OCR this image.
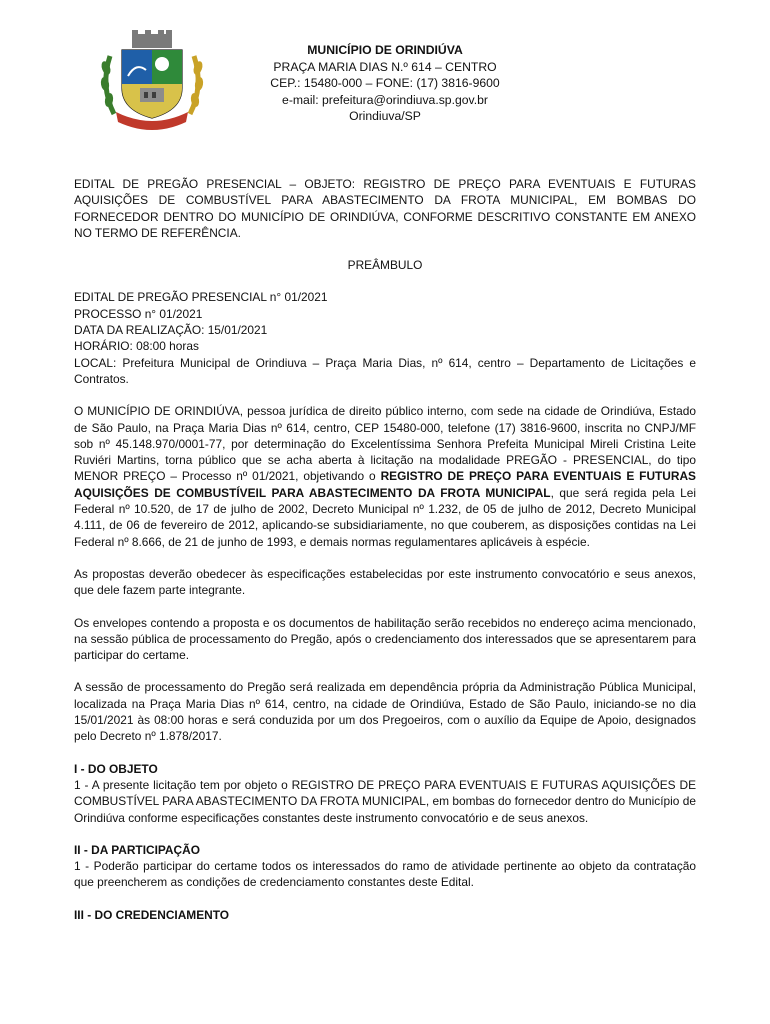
MUNICÍPIO DE ORINDIÚVA
PRAÇA MARIA DIAS N.º 614 – CENTRO
CEP.: 15480-000 – FONE: (17) 3816-9600
e-mail: prefeitura@orindiuva.sp.gov.br
Orindiuva/SP

EDITAL DE PREGÃO PRESENCIAL – OBJETO: REGISTRO DE PREÇO PARA EVENTUAIS E FUTURAS AQUISIÇÕES DE COMBUSTÍVEL PARA ABASTECIMENTO DA FROTA MUNICIPAL, EM BOMBAS DO FORNECEDOR DENTRO DO MUNICÍPIO DE ORINDIÚVA, CONFORME DESCRITIVO CONSTANTE EM ANEXO NO TERMO DE REFERÊNCIA.

PREÂMBULO

EDITAL DE PREGÃO PRESENCIAL n° 01/2021

PROCESSO n° 01/2021

DATA DA REALIZAÇÃO: 15/01/2021

HORÁRIO: 08:00 horas

LOCAL: Prefeitura Municipal de Orindiuva – Praça Maria Dias, nº 614, centro – Departamento de Licitações e Contratos.

O MUNICÍPIO DE ORINDIÚVA, pessoa jurídica de direito público interno, com sede na cidade de Orindiúva, Estado de São Paulo, na Praça Maria Dias nº 614, centro, CEP 15480-000, telefone (17) 3816-9600, inscrita no CNPJ/MF sob nº 45.148.970/0001-77, por determinação do Excelentíssima Senhora Prefeita Municipal Mireli Cristina Leite Ruviéri Martins, torna público que se acha aberta à licitação na modalidade PREGÃO - PRESENCIAL, do tipo MENOR PREÇO – Processo nº 01/2021, objetivando o REGISTRO DE PREÇO PARA EVENTUAIS E FUTURAS AQUISIÇÕES DE COMBUSTÍVEIL PARA ABASTECIMENTO DA FROTA MUNICIPAL, que será regida pela Lei Federal nº 10.520, de 17 de julho de 2002, Decreto Municipal nº 1.232, de 05 de julho de 2012, Decreto Municipal 4.111, de 06 de fevereiro de 2012, aplicando-se subsidiariamente, no que couberem, as disposições contidas na Lei Federal nº 8.666, de 21 de junho de 1993, e demais normas regulamentares aplicáveis à espécie.

As propostas deverão obedecer às especificações estabelecidas por este instrumento convocatório e seus anexos, que dele fazem parte integrante.

Os envelopes contendo a proposta e os documentos de habilitação serão recebidos no endereço acima mencionado, na sessão pública de processamento do Pregão, após o credenciamento dos interessados que se apresentarem para participar do certame.

A sessão de processamento do Pregão será realizada em dependência própria da Administração Pública Municipal, localizada na Praça Maria Dias nº 614, centro, na cidade de Orindiúva, Estado de São Paulo, iniciando-se no dia 15/01/2021 às 08:00 horas e será conduzida por um dos Pregoeiros, com o auxílio da Equipe de Apoio, designados pelo Decreto nº 1.878/2017.

I - DO OBJETO

1 - A presente licitação tem por objeto o REGISTRO DE PREÇO PARA EVENTUAIS E FUTURAS AQUISIÇÕES DE COMBUSTÍVEL PARA ABASTECIMENTO DA FROTA MUNICIPAL, em bombas do fornecedor dentro do Município de Orindiúva conforme especificações constantes deste instrumento convocatório e de seus anexos.

II - DA PARTICIPAÇÃO

1 - Poderão participar do certame todos os interessados do ramo de atividade pertinente ao objeto da contratação que preencherem as condições de credenciamento constantes deste Edital.

III - DO CREDENCIAMENTO
